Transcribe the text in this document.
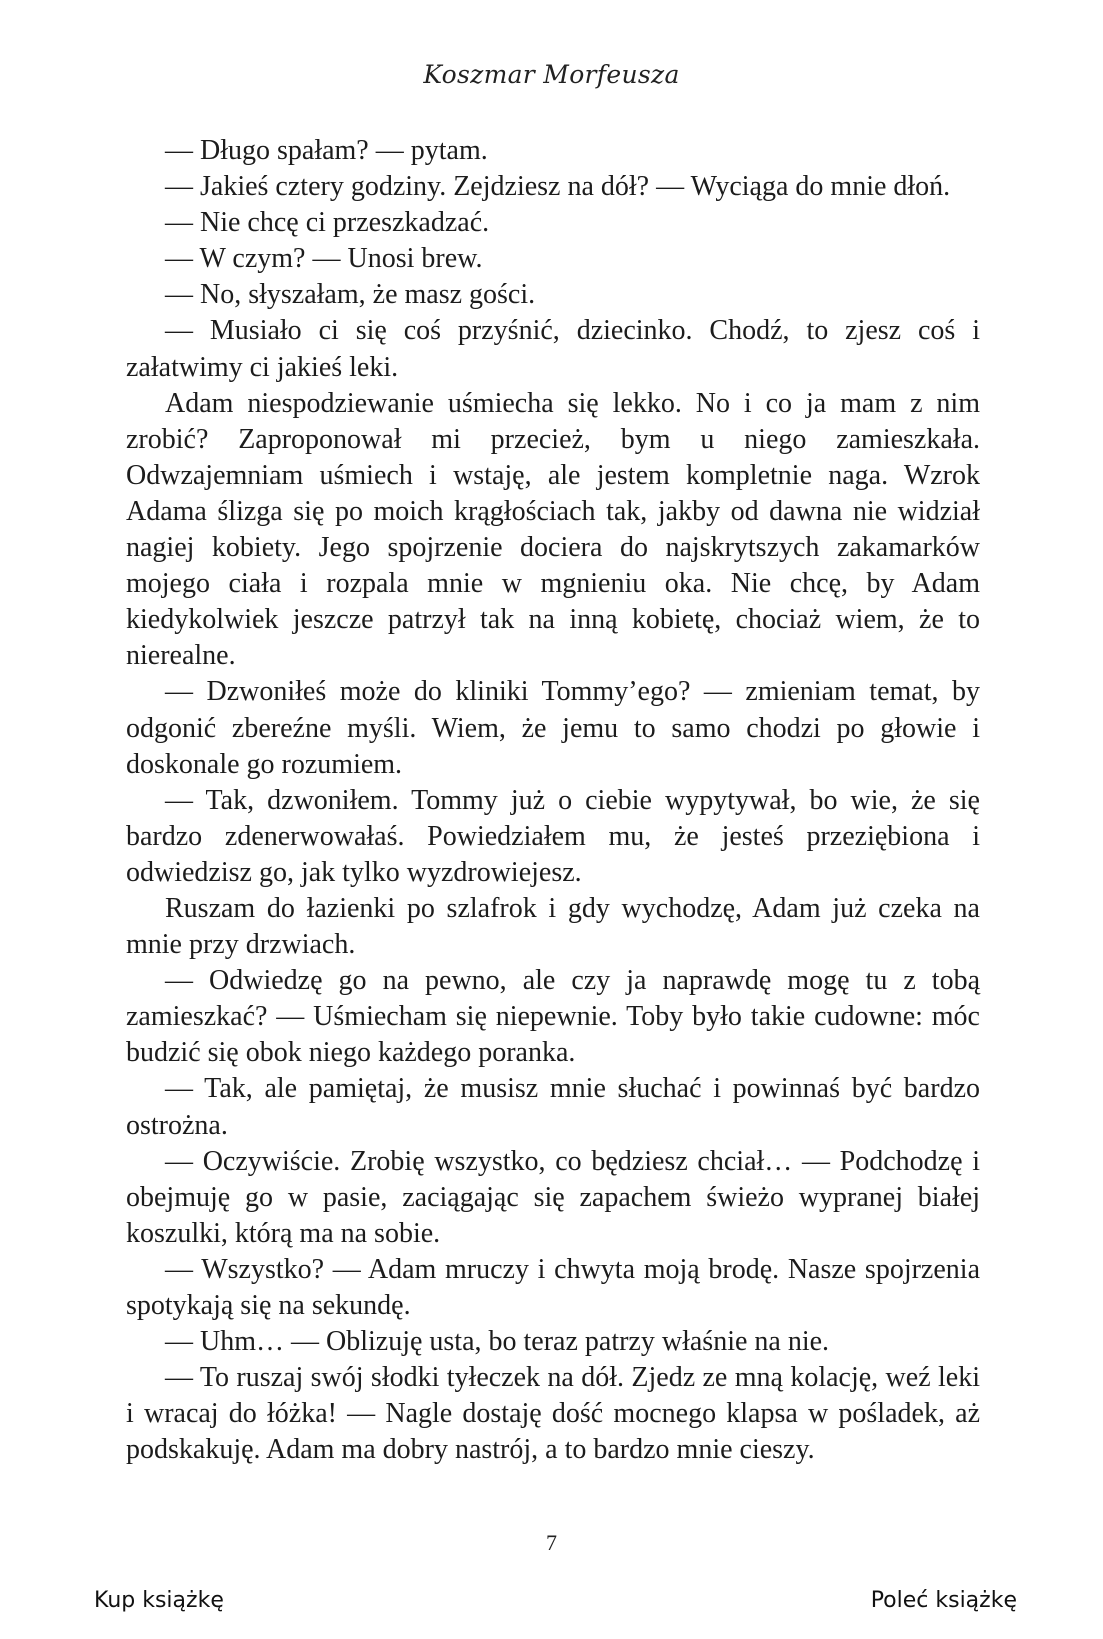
Koszmar Morfeusza

— Długo spałam? — pytam.

— Jakieś cztery godziny. Zejdziesz na dół? — Wyciąga do mnie dłoń.

— Nie chcę ci przeszkadzać.

— W czym? — Unosi brew.

— No, słyszałam, że masz gości.

— Musiało ci się coś przyśnić, dziecinko. Chodź, to zjesz coś i załatwimy ci jakieś leki.

Adam niespodziewanie uśmiecha się lekko. No i co ja mam z nim zrobić? Zaproponował mi przecież, bym u niego zamieszkała. Odwzajemniam uśmiech i wstaję, ale jestem kompletnie naga. Wzrok Adama ślizga się po moich krągłościach tak, jakby od dawna nie widział nagiej kobiety. Jego spojrzenie dociera do najskrytszych zakamarków mojego ciała i rozpala mnie w mgnieniu oka. Nie chcę, by Adam kiedykolwiek jeszcze patrzył tak na inną kobietę, chociaż wiem, że to nierealne.

— Dzwoniłeś może do kliniki Tommy’ego? — zmieniam temat, by odgonić zbereźne myśli. Wiem, że jemu to samo chodzi po głowie i doskonale go rozumiem.

— Tak, dzwoniłem. Tommy już o ciebie wypytywał, bo wie, że się bardzo zdenerwowałaś. Powiedziałem mu, że jesteś przeziębiona i odwiedzisz go, jak tylko wyzdrowiejesz.

Ruszam do łazienki po szlafrok i gdy wychodzę, Adam już czeka na mnie przy drzwiach.

— Odwiedzę go na pewno, ale czy ja naprawdę mogę tu z tobą zamieszkać? — Uśmiecham się niepewnie. Toby było takie cudowne: móc budzić się obok niego każdego poranka.

— Tak, ale pamiętaj, że musisz mnie słuchać i powinnaś być bardzo ostrożna.

— Oczywiście. Zrobię wszystko, co będziesz chciał… — Podchodzę i obejmuję go w pasie, zaciągając się zapachem świeżo wypranej białej koszulki, którą ma na sobie.

— Wszystko? — Adam mruczy i chwyta moją brodę. Nasze spojrzenia spotykają się na sekundę.

— Uhm… — Oblizuję usta, bo teraz patrzy właśnie na nie.

— To ruszaj swój słodki tyłeczek na dół. Zjedz ze mną kolację, weź leki i wracaj do łóżka! — Nagle dostaję dość mocnego klapsa w pośladek, aż podskakuję. Adam ma dobry nastrój, a to bardzo mnie cieszy.

7
Kup książkę	Poleć książkę
